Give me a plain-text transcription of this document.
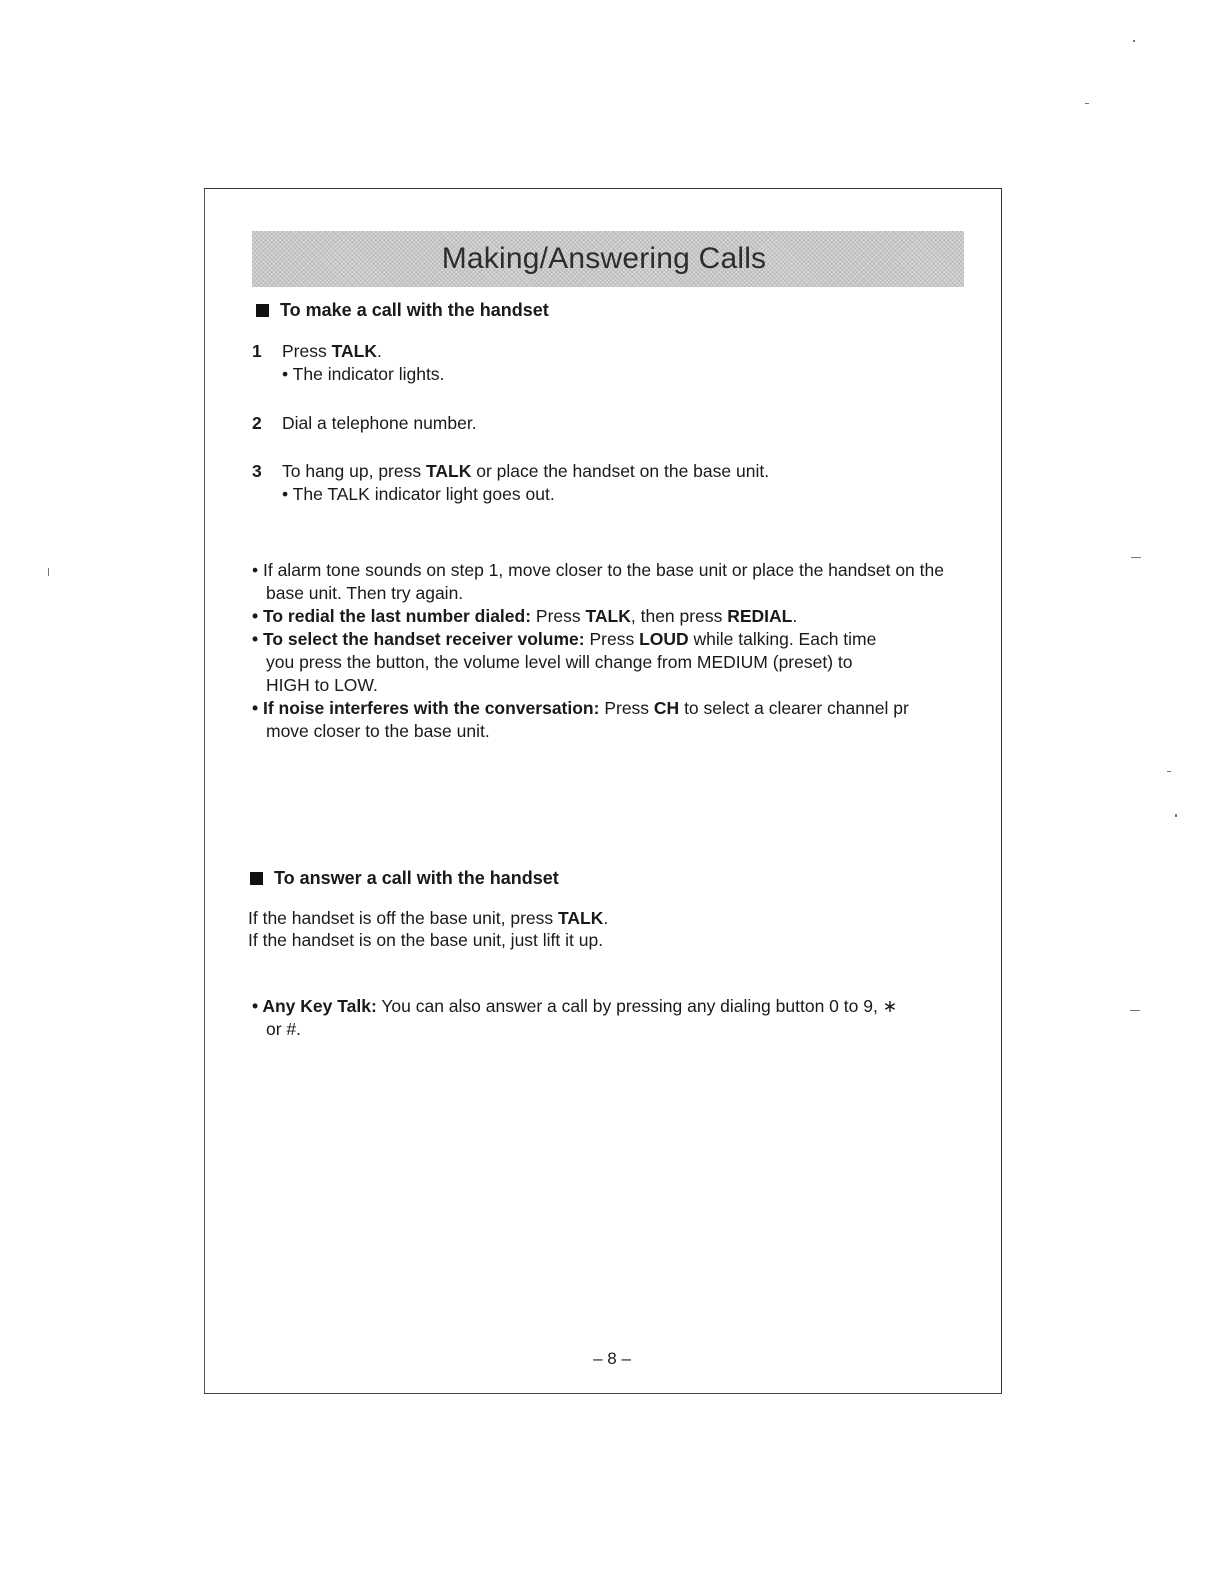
Making/Answering Calls
To make a call with the handset
1 Press TALK.
• The indicator lights.
2 Dial a telephone number.
3 To hang up, press TALK or place the handset on the base unit.
• The TALK indicator light goes out.

• If alarm tone sounds on step 1, move closer to the base unit or place the handset on the base unit. Then try again.

• To redial the last number dialed: Press TALK, then press REDIAL.

• To select the handset receiver volume: Press LOUD while talking. Each time you press the button, the volume level will change from MEDIUM (preset) to HIGH to LOW.

• If noise interferes with the conversation: Press CH to select a clearer channel pr move closer to the base unit.

To answer a call with the handset
If the handset is off the base unit, press TALK.
If the handset is on the base unit, just lift it up.

• Any Key Talk: You can also answer a call by pressing any dialing button 0 to 9, ∗ or #.

– 8 –
